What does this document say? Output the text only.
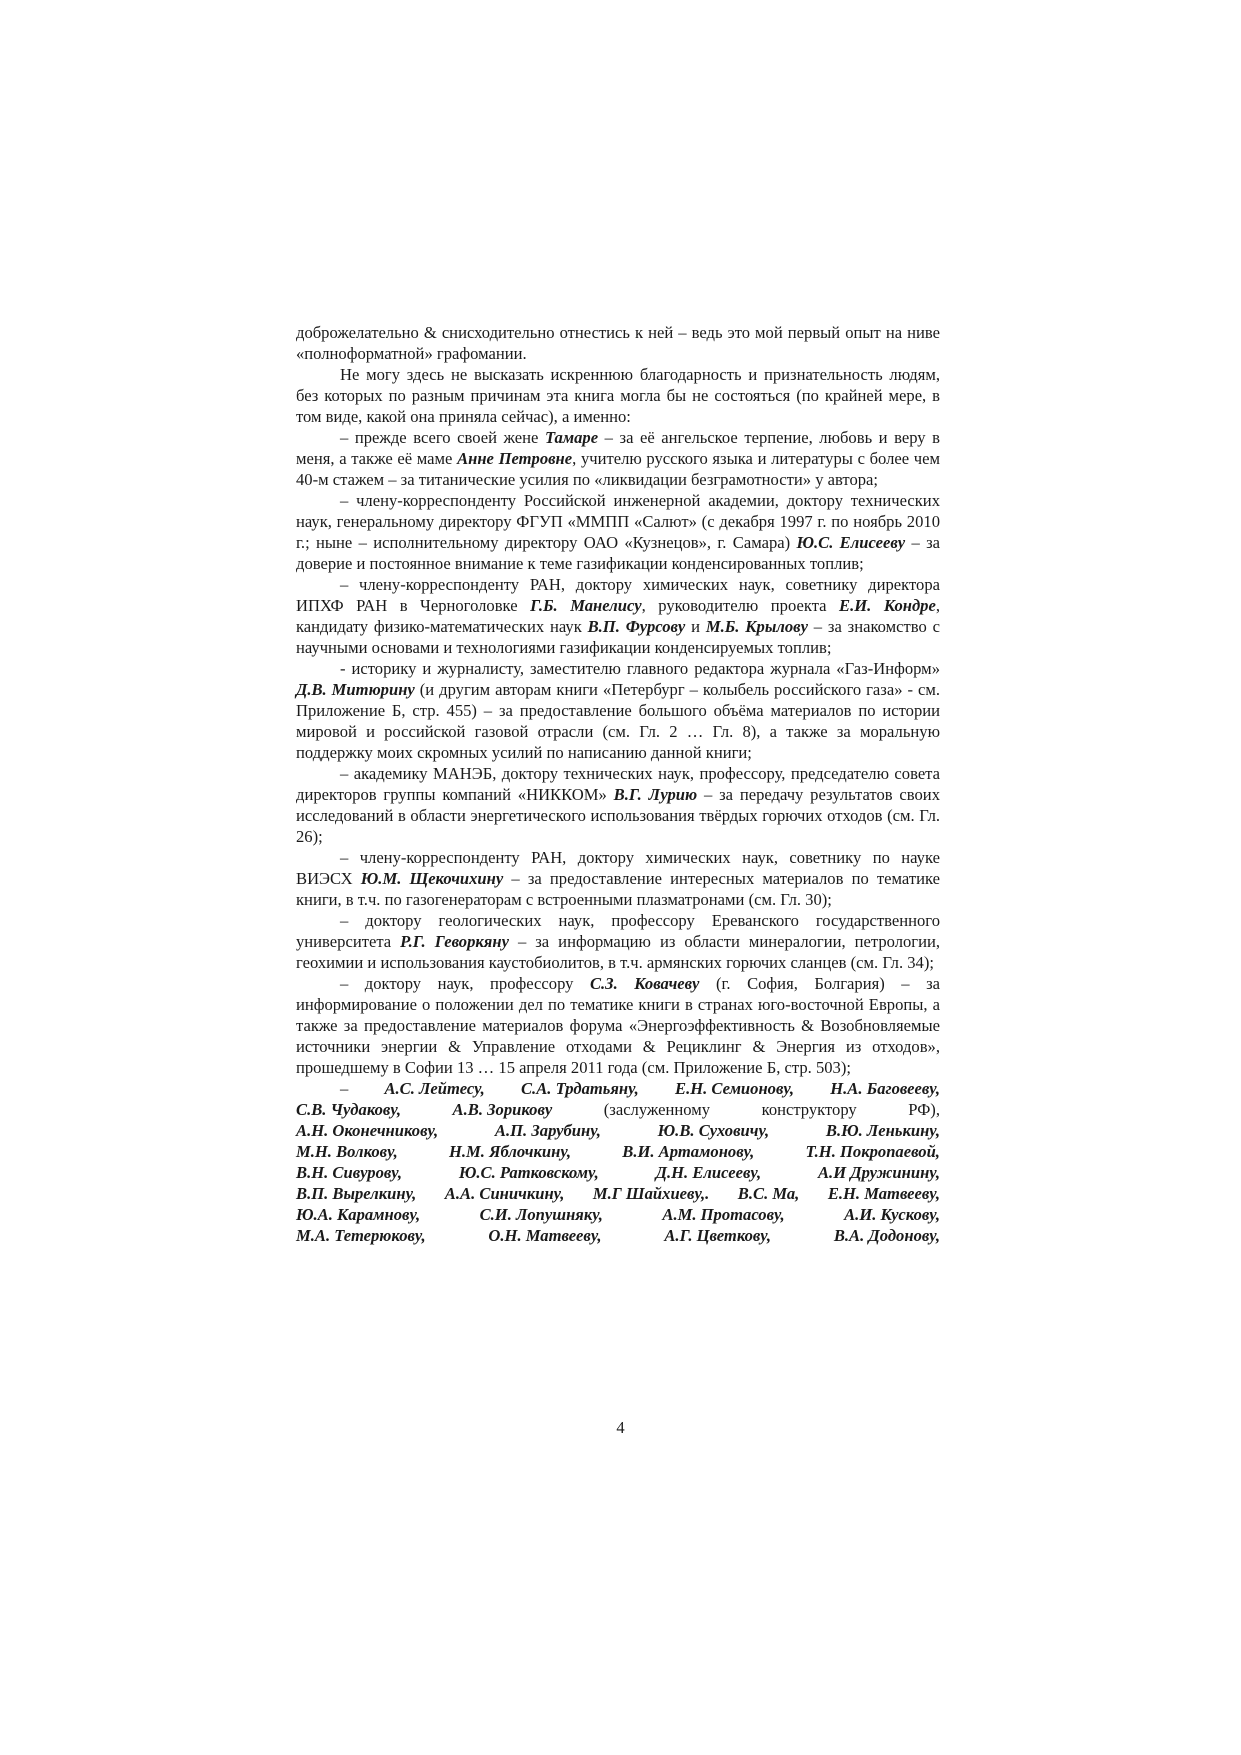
доброжелательно & снисходительно отнестись к ней – ведь это мой первый опыт на ниве «полноформатной» графомании.

Не могу здесь не высказать искреннюю благодарность и признательность людям, без которых по разным причинам эта книга могла бы не состояться (по крайней мере, в том виде, какой она приняла сейчас), а именно:

– прежде всего своей жене Тамаре – за её ангельское терпение, любовь и веру в меня, а также её маме Анне Петровне, учителю русского языка и литературы с более чем 40-м стажем – за титанические усилия по «ликвидации безграмотности» у автора;

– члену-корреспонденту Российской инженерной академии, доктору технических наук, генеральному директору ФГУП «ММПП «Салют» (с декабря 1997 г. по ноябрь 2010 г.; ныне – исполнительному директору ОАО «Кузнецов», г. Самара) Ю.С. Елисееву – за доверие и постоянное внимание к теме газификации конденсированных топлив;

– члену-корреспонденту РАН, доктору химических наук, советнику директора ИПХФ РАН в Черноголовке Г.Б. Манелису, руководителю проекта Е.И. Кондре, кандидату физико-математических наук В.П. Фурсову и М.Б. Крылову – за знакомство с научными основами и технологиями газификации конденсируемых топлив;

- историку и журналисту, заместителю главного редактора журнала «Газ-Информ» Д.В. Митюрину (и другим авторам книги «Петербург – колыбель российского газа» - см. Приложение Б, стр. 455) – за предоставление большого объёма материалов по истории мировой и российской газовой отрасли (см. Гл. 2 … Гл. 8), а также за моральную поддержку моих скромных усилий по написанию данной книги;

– академику МАНЭБ, доктору технических наук, профессору, председателю совета директоров группы компаний «НИККОМ» В.Г. Лурию – за передачу результатов своих исследований в области энергетического использования твёрдых горючих отходов (см. Гл. 26);

– члену-корреспонденту РАН, доктору химических наук, советнику по науке ВИЭСХ Ю.М. Щекочихину – за предоставление интересных материалов по тематике книги, в т.ч. по газогенераторам с встроенными плазматронами (см. Гл. 30);

– доктору геологических наук, профессору Ереванского государственного университета Р.Г. Геворкяну – за информацию из области минералогии, петрологии, геохимии и использования каустобиолитов, в т.ч. армянских горючих сланцев (см. Гл. 34);

– доктору наук, профессору С.З. Ковачеву (г. София, Болгария) – за информирование о положении дел по тематике книги в странах юго-восточной Европы, а также за предоставление материалов форума «Энергоэффективность & Возобновляемые источники энергии & Управление отходами & Рециклинг & Энергия из отходов», прошедшему в Софии 13 … 15 апреля 2011 года (см. Приложение Б, стр. 503);

– А.С. Лейтесу, С.А. Трдатьяну, Е.Н. Семионову, Н.А. Баговееву,
С.В. Чудакову,	А.В. Зорикову	(заслуженному	конструктору	РФ),
А.Н. Оконечникову,	А.П. Зарубину,	Ю.В. Суховичу,	В.Ю. Ленькину,
М.Н. Волкову,	Н.М. Яблочкину,	В.И. Артамонову,	Т.Н. Покропаевой,
В.Н. Сивурову,	Ю.С. Ратковскому,	Д.Н. Елисееву,	А.И Дружинину,
В.П. Вырелкину, А.А. Синичкину, М.Г Шайхиеву,. В.С. Ма, Е.Н. Матвееву,
Ю.А. Карамнову,	С.И. Лопушняку,	А.М. Протасову,	А.И. Кускову,
М.А. Тетерюкову,	О.Н. Матвееву,	А.Г. Цветкову,	В.А. Додонову,
4
